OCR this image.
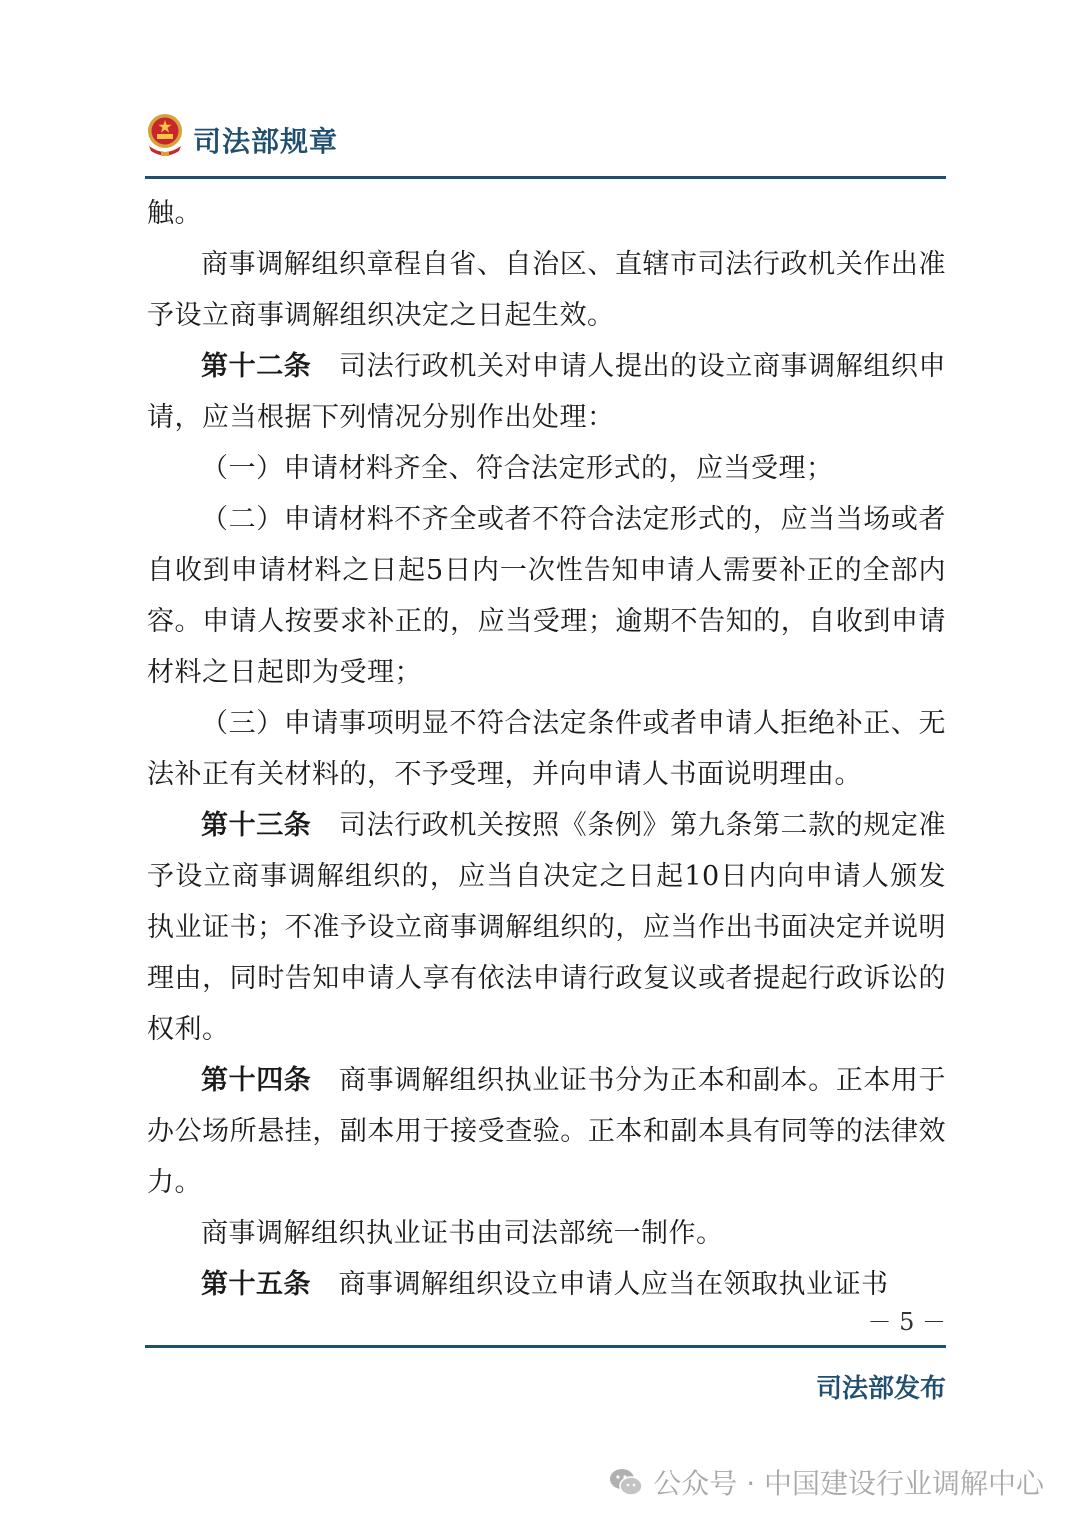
司法部规章

触。

商事调解组织章程自省、自治区、直辖市司法行政机关作出准予设立商事调解组织决定之日起生效。

第十二条　 司法行政机关对申请人提出的设立商事调解组织申请，应当根据下列情况分别作出处理：

（一）申请材料齐全、符合法定形式的，应当受理；

（二）申请材料不齐全或者不符合法定形式的，应当当场或者自收到申请材料之日起5日内一次性告知申请人需要补正的全部内容。申请人按要求补正的，应当受理；逾期不告知的，自收到申请材料之日起即为受理；

（三）申请事项明显不符合法定条件或者申请人拒绝补正、无法补正有关材料的，不予受理，并向申请人书面说明理由。

第十三条　 司法行政机关按照《条例》第九条第二款的规定准予设立商事调解组织的，应当自决定之日起10日内向申请人颁发执业证书；不准予设立商事调解组织的，应当作出书面决定并说明理由，同时告知申请人享有依法申请行政复议或者提起行政诉讼的权利。

第十四条　 商事调解组织执业证书分为正本和副本。正本用于办公场所悬挂，副本用于接受查验。正本和副本具有同等的法律效力。

商事调解组织执业证书由司法部统一制作。

第十五条　 商事调解组织设立申请人应当在领取执业证书

－ 5 －
司法部发布
公众号 · 中国建设行业调解中心
